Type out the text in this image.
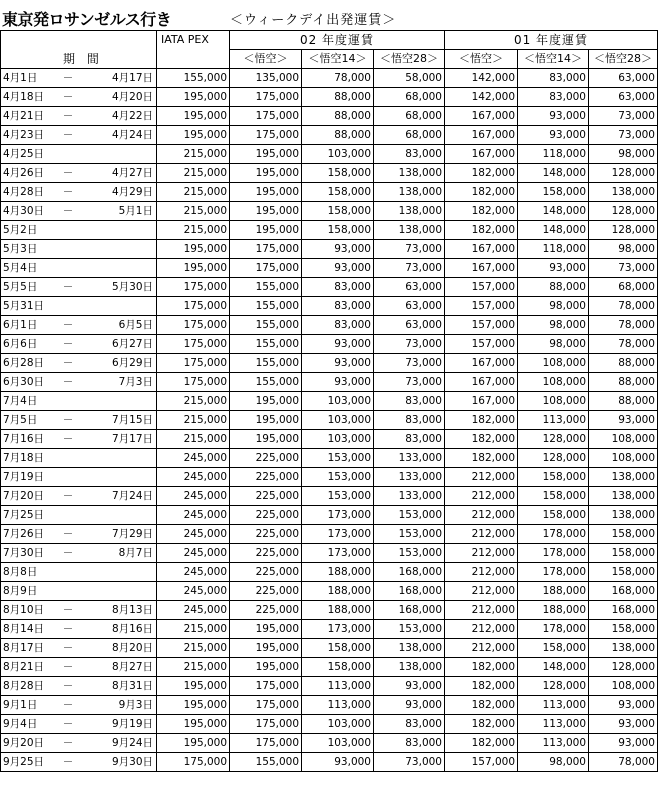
東京発ロサンゼルス行き	＜ウィークデイ出発運賃＞
期 間	IATA PEX	02 年度運賃			01 年度運賃		
		＜悟空＞	＜悟空14＞	＜悟空28＞	＜悟空＞	＜悟空14＞	＜悟空28＞
4月1日 － 4月17日	155,000	135,000	78,000	58,000	142,000	83,000	63,000
4月18日 － 4月20日	195,000	175,000	88,000	68,000	142,000	83,000	63,000
4月21日 － 4月22日	195,000	175,000	88,000	68,000	167,000	93,000	73,000
4月23日 － 4月24日	195,000	175,000	88,000	68,000	167,000	93,000	73,000
4月25日	215,000	195,000	103,000	83,000	167,000	118,000	98,000
4月26日 － 4月27日	215,000	195,000	158,000	138,000	182,000	148,000	128,000
4月28日 － 4月29日	215,000	195,000	158,000	138,000	182,000	158,000	138,000
4月30日 － 5月1日	215,000	195,000	158,000	138,000	182,000	148,000	128,000
5月2日	215,000	195,000	158,000	138,000	182,000	148,000	128,000
5月3日	195,000	175,000	93,000	73,000	167,000	118,000	98,000
5月4日	195,000	175,000	93,000	73,000	167,000	93,000	73,000
5月5日 － 5月30日	175,000	155,000	83,000	63,000	157,000	88,000	68,000
5月31日	175,000	155,000	83,000	63,000	157,000	98,000	78,000
6月1日 － 6月5日	175,000	155,000	83,000	63,000	157,000	98,000	78,000
6月6日 － 6月27日	175,000	155,000	93,000	73,000	157,000	98,000	78,000
6月28日 － 6月29日	175,000	155,000	93,000	73,000	167,000	108,000	88,000
6月30日 － 7月3日	175,000	155,000	93,000	73,000	167,000	108,000	88,000
7月4日	215,000	195,000	103,000	83,000	167,000	108,000	88,000
7月5日 － 7月15日	215,000	195,000	103,000	83,000	182,000	113,000	93,000
7月16日 － 7月17日	215,000	195,000	103,000	83,000	182,000	128,000	108,000
7月18日	245,000	225,000	153,000	133,000	182,000	128,000	108,000
7月19日	245,000	225,000	153,000	133,000	212,000	158,000	138,000
7月20日 － 7月24日	245,000	225,000	153,000	133,000	212,000	158,000	138,000
7月25日	245,000	225,000	173,000	153,000	212,000	158,000	138,000
7月26日 － 7月29日	245,000	225,000	173,000	153,000	212,000	178,000	158,000
7月30日 － 8月7日	245,000	225,000	173,000	153,000	212,000	178,000	158,000
8月8日	245,000	225,000	188,000	168,000	212,000	178,000	158,000
8月9日	245,000	225,000	188,000	168,000	212,000	188,000	168,000
8月10日 － 8月13日	245,000	225,000	188,000	168,000	212,000	188,000	168,000
8月14日 － 8月16日	215,000	195,000	173,000	153,000	212,000	178,000	158,000
8月17日 － 8月20日	215,000	195,000	158,000	138,000	212,000	158,000	138,000
8月21日 － 8月27日	215,000	195,000	158,000	138,000	182,000	148,000	128,000
8月28日 － 8月31日	195,000	175,000	113,000	93,000	182,000	128,000	108,000
9月1日 － 9月3日	195,000	175,000	113,000	93,000	182,000	113,000	93,000
9月4日 － 9月19日	195,000	175,000	103,000	83,000	182,000	113,000	93,000
9月20日 － 9月24日	195,000	175,000	103,000	83,000	182,000	113,000	93,000
9月25日 － 9月30日	175,000	155,000	93,000	73,000	157,000	98,000	78,000
